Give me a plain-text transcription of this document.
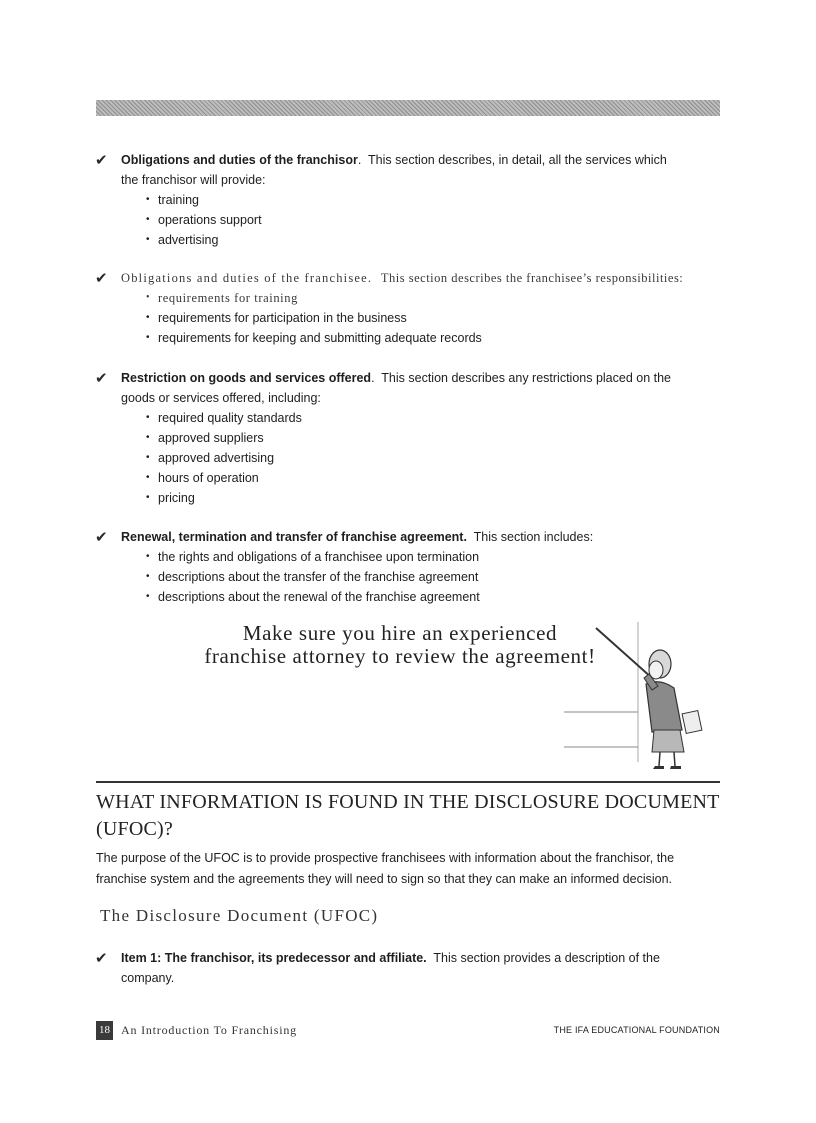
✔	Obligations and duties of the franchisor. This section describes, in detail, all the services which
the franchisor will provide:
• training
• operations support
• advertising
✔	Obligations and duties of the franchisee. This section describes the franchisee’s responsibilities:
• requirements for training
• requirements for participation in the business
• requirements for keeping and submitting adequate records
✔	Restriction on goods and services offered. This section describes any restrictions placed on the
goods or services offered, including:
• required quality standards
• approved suppliers
• approved advertising
• hours of operation
• pricing
✔	Renewal, termination and transfer of franchise agreement. This section includes:
• the rights and obligations of a franchisee upon termination
• descriptions about the transfer of the franchise agreement
• descriptions about the renewal of the franchise agreement
Make sure you hire an experienced
franchise attorney to review the agreement!
WHAT INFORMATION IS FOUND IN THE DISCLOSURE DOCUMENT (UFOC)?
The purpose of the UFOC is to provide prospective franchisees with information about the franchisor, the franchise system and the agreements they will need to sign so that they can make an informed decision.
The Disclosure Document (UFOC)
✔	Item 1: The franchisor, its predecessor and affiliate. This section provides a description of the
company.
18 An Introduction To Franchising	THE IFA EDUCATIONAL FOUNDATION
